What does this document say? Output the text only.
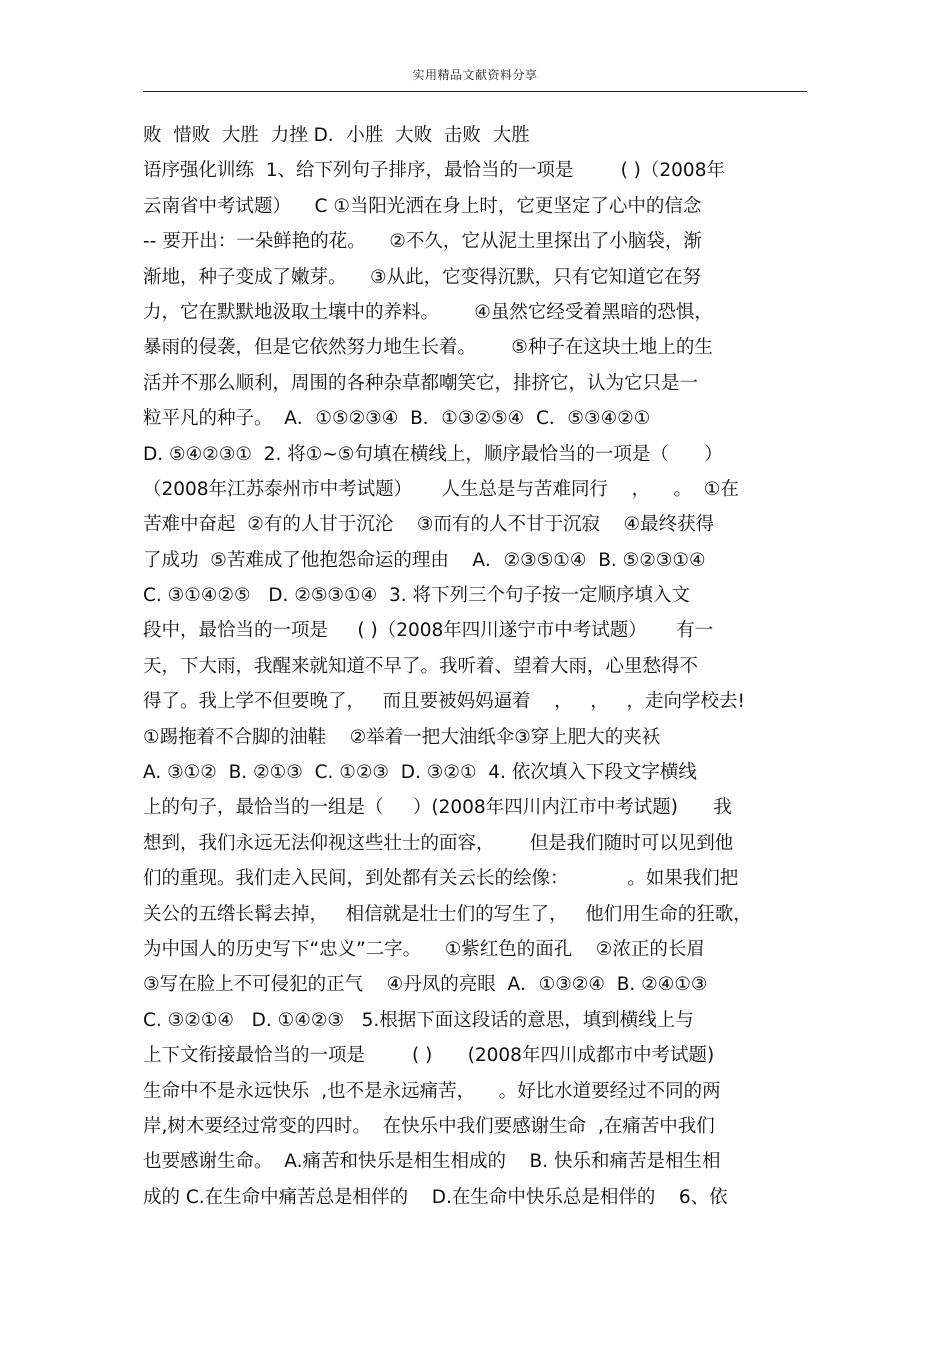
实用精品文献资料分享
败  惜败  大胜  力挫 D．小胜  大败  击败  大胜
语序强化训练  1、给下列句子排序，最恰当的一项是        ( )（2008年
云南省中考试题）    C ①当阳光洒在身上时，它更坚定了心中的信念
-- 要开出：一朵鲜艳的花。    ②不久，它从泥土里探出了小脑袋，渐
渐地，种子变成了嫩芽。    ③从此，它变得沉默，只有它知道它在努
力，它在默默地汲取土壤中的养料。      ④虽然它经受着黑暗的恐惧，
暴雨的侵袭，但是它依然努力地生长着。      ⑤种子在这块土地上的生
活并不那么顺利，周围的各种杂草都嘲笑它，排挤它，认为它只是一
粒平凡的种子。  A．①⑤②③④  B．①③②⑤④  C．⑤③④②①
D. ⑤④②③①  2. 将①~⑤句填在横线上，顺序最恰当的一项是（      ）
（2008年江苏泰州市中考试题）     人生总是与苦难同行    ，    。  ①在
苦难中奋起  ②有的人甘于沉沦    ③而有的人不甘于沉寂    ④最终获得
了成功  ⑤苦难成了他抱怨命运的理由    A．②③⑤①④  B. ⑤②③①④
C. ③①④②⑤   D. ②⑤③①④  3. 将下列三个句子按一定顺序填入文
段中，最恰当的一项是     ( )（2008年四川遂宁市中考试题）     有一
天，下大雨，我醒来就知道不早了。我听着、望着大雨，心里愁得不
得了。我上学不但要晚了，   而且要被妈妈逼着    ，   ，   ，走向学校去!
①踢拖着不合脚的油鞋    ②举着一把大油纸伞③穿上肥大的夹袄
A. ③①②  B. ②①③  C. ①②③  D. ③②①  4. 依次填入下段文字横线
上的句子，最恰当的一组是（     ）(2008年四川内江市中考试题)      我
想到，我们永远无法仰视这些壮士的面容，      但是我们随时可以见到他
们的重现。我们走入民间，到处都有关云长的绘像：          。如果我们把
关公的五绺长髯去掉，   相信就是壮士们的写生了，   他们用生命的狂歌，
为中国人的历史写下“忠义”二字。    ①紫红色的面孔    ②浓正的长眉
③写在脸上不可侵犯的正气    ④丹凤的亮眼  A．①③②④  B. ②④①③
C. ③②①④   D. ①④②③   5.根据下面这段话的意思，填到横线上与
上下文衔接最恰当的一项是        ( )      (2008年四川成都市中考试题)
生命中不是永远快乐  ,也不是永远痛苦，    。好比水道要经过不同的两
岸,树木要经过常变的四时。  在快乐中我们要感谢生命  ,在痛苦中我们
也要感谢生命。  A.痛苦和快乐是相生相成的    B. 快乐和痛苦是相生相
成的 C.在生命中痛苦总是相伴的    D.在生命中快乐总是相伴的    6、依
